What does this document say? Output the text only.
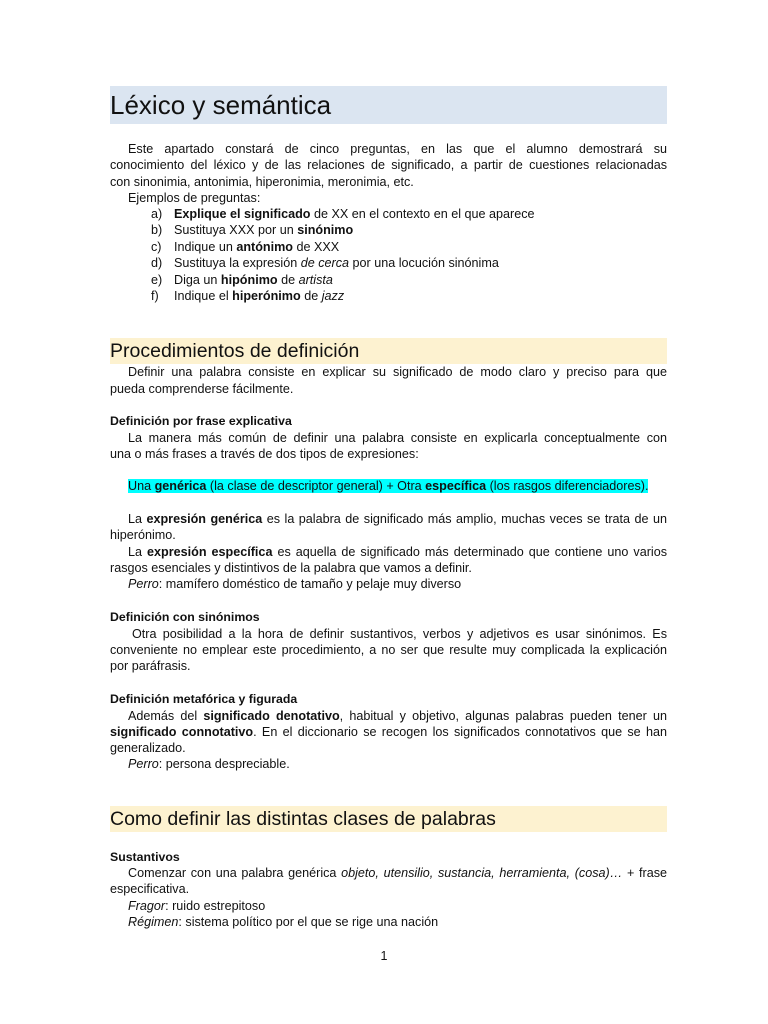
Léxico y semántica
Este apartado constará de cinco preguntas, en las que el alumno demostrará su
conocimiento del léxico y de las relaciones de significado, a partir de cuestiones relacionadas
con sinonimia, antonimia, hiperonimia, meronimia, etc.
Ejemplos de preguntas:
a) Explique el significado de XX en el contexto en el que aparece
b) Sustituya XXX por un sinónimo
c) Indique un antónimo de XXX
d) Sustituya la expresión de cerca por una locución sinónima
e) Diga un hipónimo de artista
f) Indique el hiperónimo de jazz
Procedimientos de definición
Definir una palabra consiste en explicar su significado de modo claro y preciso para que
pueda comprenderse fácilmente.
Definición por frase explicativa
La manera más común de definir una palabra consiste en explicarla conceptualmente con
una o más frases a través de dos tipos de expresiones:
Una genérica (la clase de descriptor general) + Otra específica (los rasgos diferenciadores).
La expresión genérica es la palabra de significado más amplio, muchas veces se trata de un
hiperónimo.
La expresión específica es aquella de significado más determinado que contiene uno varios
rasgos esenciales y distintivos de la palabra que vamos a definir.
Perro: mamífero doméstico de tamaño y pelaje muy diverso
Definición con sinónimos
Otra posibilidad a la hora de definir sustantivos, verbos y adjetivos es usar sinónimos. Es
conveniente no emplear este procedimiento, a no ser que resulte muy complicada la explicación
por paráfrasis.
Definición metafórica y figurada
Además del significado denotativo, habitual y objetivo, algunas palabras pueden tener un
significado connotativo. En el diccionario se recogen los significados connotativos que se han
generalizado.
Perro: persona despreciable.
Como definir las distintas clases de palabras
Sustantivos
Comenzar con una palabra genérica objeto, utensilio, sustancia, herramienta, (cosa)… + frase
especificativa.
Fragor: ruido estrepitoso
Régimen: sistema político por el que se rige una nación
1
